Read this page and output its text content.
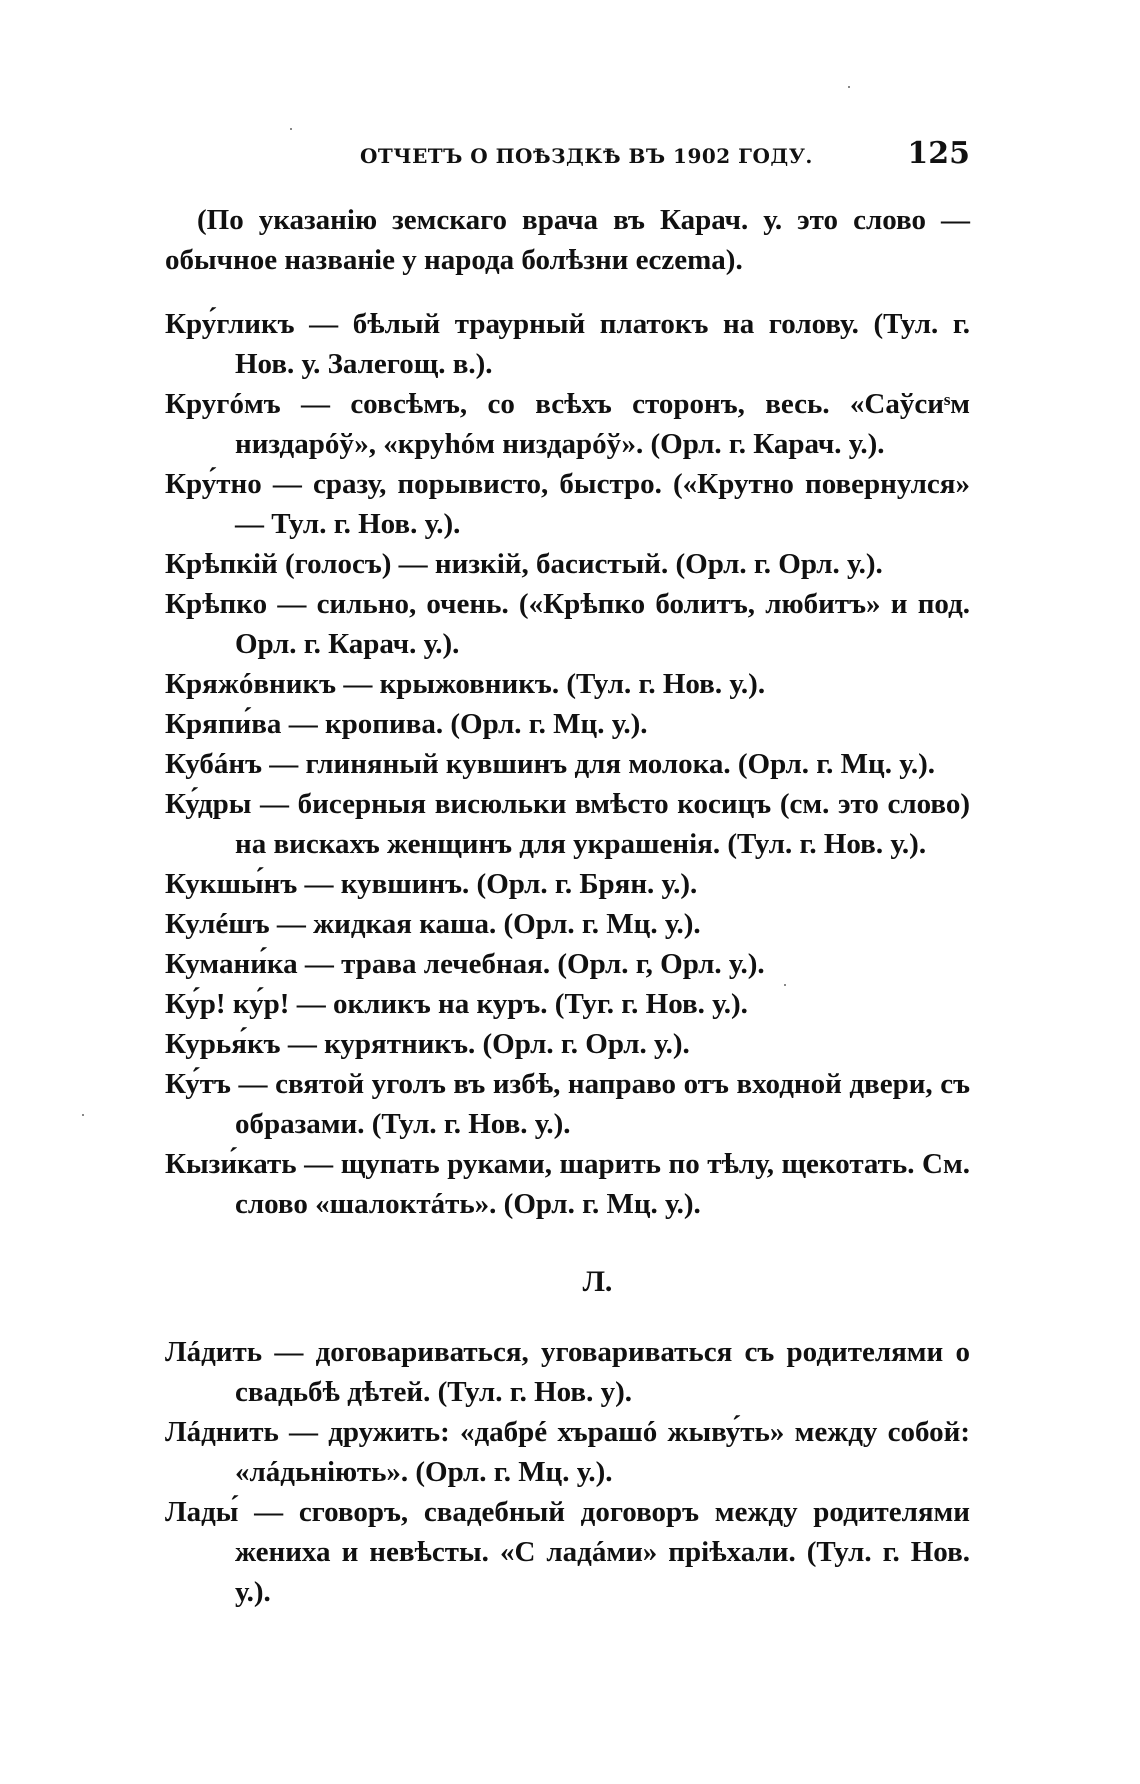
ОТЧЕТЪ О ПОѢЗДКѢ ВЪ 1902 ГОДУ.	125

(По указанію земскаго врача въ Карач. у. это слово — обычное названіе у народа болѣзни eczema).

Кру́гликъ — бѣлый траурный платокъ на голову. (Тул. г. Нов. у. Залегощ. в.).

Кругóмъ — совсѣмъ, со всѣхъ сторонъ, весь. «Саўсиˢм низдарóў», «круһóм низдарóў». (Орл. г. Карач. у.).

Кру́тно — сразу, порывисто, быстро. («Крутно повернулся» — Тул. г. Нов. у.).

Крѣпкій (голосъ) — низкій, басистый. (Орл. г. Орл. у.).

Крѣпко — сильно, очень. («Крѣпко болитъ, любитъ» и под. Орл. г. Карач. у.).

Кряжóвникъ — крыжовникъ. (Тул. г. Нов. у.).

Кряпи́ва — кропива. (Орл. г. Мц. у.).

Кубáнъ — глиняный кувшинъ для молока. (Орл. г. Мц. у.).

Ку́дры — бисерныя висюльки вмѣсто косицъ (см. это слово) на вискахъ женщинъ для украшенія. (Тул. г. Нов. у.).

Кукшы́нъ — кувшинъ. (Орл. г. Брян. у.).

Кулéшъ — жидкая каша. (Орл. г. Мц. у.).

Кумани́ка — трава лечебная. (Орл. г, Орл. у.).

Ку́р! ку́р! — окликъ на куръ. (Туг. г. Нов. у.).

Курья́къ — курятникъ. (Орл. г. Орл. у.).

Ку́тъ — святой уголъ въ избѣ, направо отъ входной двери, съ образами. (Тул. г. Нов. у.).

Кызи́кать — щупать руками, шарить по тѣлу, щекотать. См. слово «шалоктáть». (Орл. г. Мц. у.).

Л.

Лáдить — договариваться, уговариваться съ родителями о свадьбѣ дѣтей. (Тул. г. Нов. у).

Лáднить — дружить: «дабрé хърашó жыву́ть» между собой: «лáдьнiють». (Орл. г. Мц. у.).

Лады́ — сговоръ, свадебный договоръ между родителями жениха и невѣсты. «С ладáми» пріѣхали. (Тул. г. Нов. у.).
